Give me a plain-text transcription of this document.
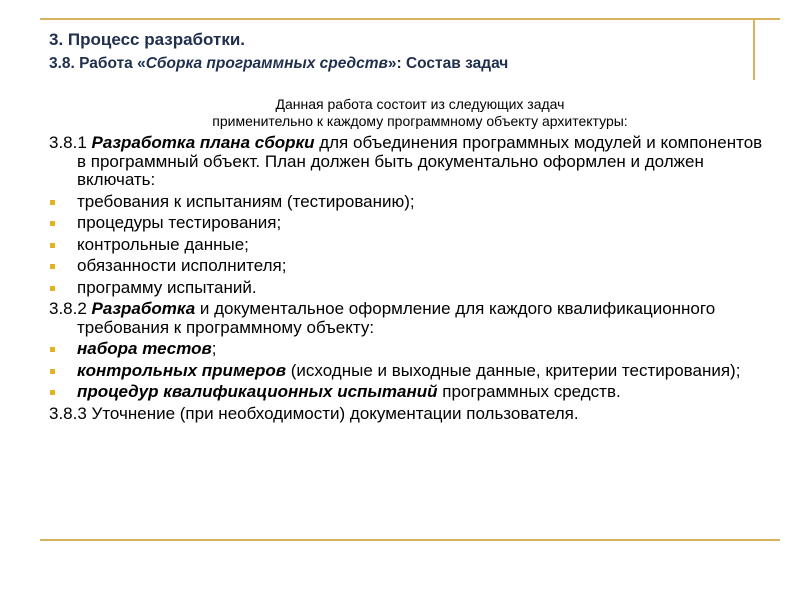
3. Процесс разработки.
3.8. Работа «Сборка программных средств»: Состав задач
Данная работа состоит из следующих задач
применительно к каждому программному объекту архитектуры:
3.8.1 Разработка плана сборки для объединения программных модулей и компонентов в программный объект. План должен быть документально оформлен и должен включать:
требования к испытаниям (тестированию);
процедуры тестирования;
контрольные данные;
обязанности исполнителя;
программу испытаний.
3.8.2 Разработка и документальное оформление для каждого квалификационного требования к программному объекту:
набора тестов;
контрольных примеров (исходные и выходные данные, критерии тестирования);
процедур квалификационных испытаний программных средств.
3.8.3 Уточнение (при необходимости) документации пользователя.
